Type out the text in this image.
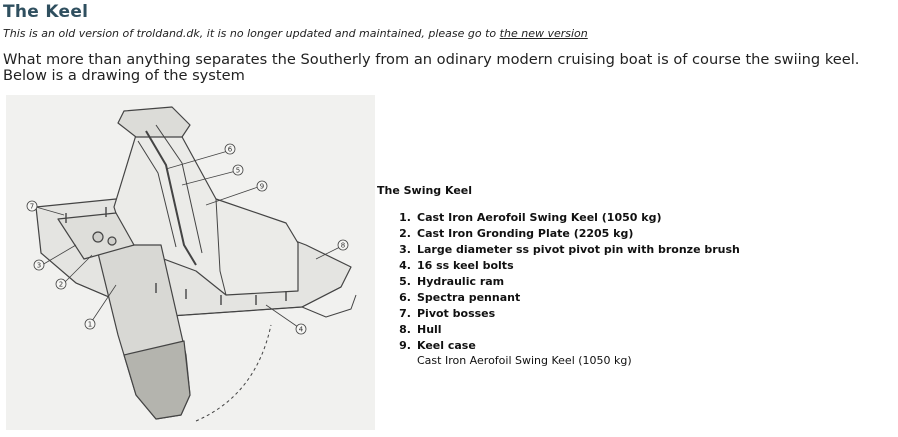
The Keel
This is an old version of troldand.dk, it is no longer updated and maintained, please go to the new version
What more than anything separates the Southerly from an odinary modern cruising boat is of course the swiing keel. Below is a drawing of the system
1
2
3
4
5
6
7
8
9	The Swing Keel
1. Cast Iron Aerofoil Swing Keel (1050 kg)
2. Cast Iron Gronding Plate (2205 kg)
3. Large diameter ss pivot pivot pin with bronze brush
4. 16 ss keel bolts
5. Hydraulic ram
6. Spectra pennant
7. Pivot bosses
8. Hull
9. Keel case
Cast Iron Aerofoil Swing Keel (1050 kg)
